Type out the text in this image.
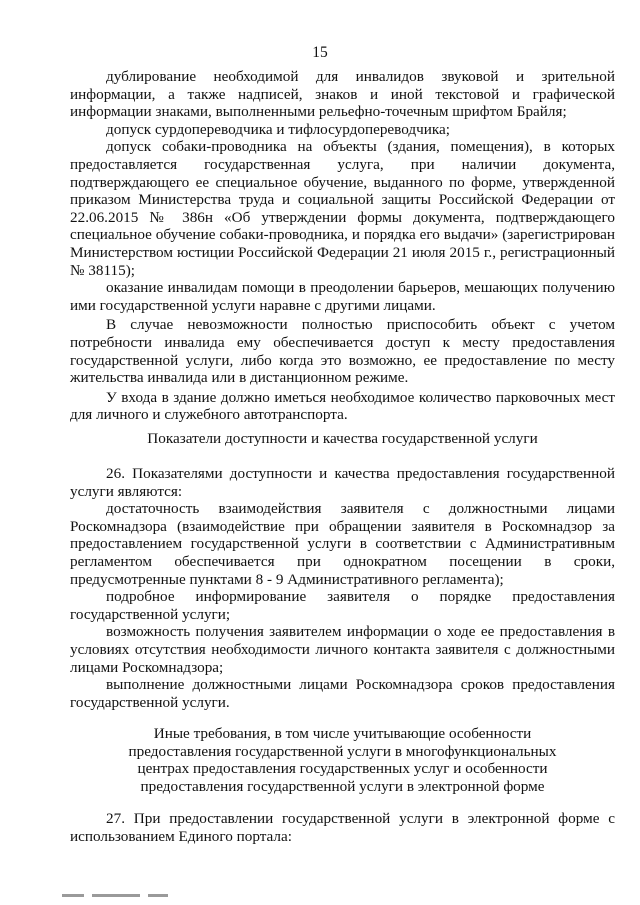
15

дублирование необходимой для инвалидов звуковой и зрительной информации, а также надписей, знаков и иной текстовой и графической информации знаками, выполненными рельефно-точечным шрифтом Брайля;

допуск сурдопереводчика и тифлосурдопереводчика;

допуск собаки-проводника на объекты (здания, помещения), в которых предоставляется государственная услуга, при наличии документа, подтверждающего ее специальное обучение, выданного по форме, утвержденной приказом Министерства труда и социальной защиты Российской Федерации от 22.06.2015 № 386н «Об утверждении формы документа, подтверждающего специальное обучение собаки-проводника, и порядка его выдачи» (зарегистрирован Министерством юстиции Российской Федерации 21 июля 2015 г., регистрационный № 38115);

оказание инвалидам помощи в преодолении барьеров, мешающих получению ими государственной услуги наравне с другими лицами.

В случае невозможности полностью приспособить объект с учетом потребности инвалида ему обеспечивается доступ к месту предоставления государственной услуги, либо когда это возможно, ее предоставление по месту жительства инвалида или в дистанционном режиме.

У входа в здание должно иметься необходимое количество парковочных мест для личного и служебного автотранспорта.

Показатели доступности и качества государственной услуги

26. Показателями доступности и качества предоставления государственной услуги являются:

достаточность взаимодействия заявителя с должностными лицами Роскомнадзора (взаимодействие при обращении заявителя в Роскомнадзор за предоставлением государственной услуги в соответствии с Административным регламентом обеспечивается при однократном посещении в сроки, предусмотренные пунктами 8 - 9 Административного регламента);

подробное информирование заявителя о порядке предоставления государственной услуги;

возможность получения заявителем информации о ходе ее предоставления в условиях отсутствия необходимости личного контакта заявителя с должностными лицами Роскомнадзора;

выполнение должностными лицами Роскомнадзора сроков предоставления государственной услуги.

Иные требования, в том числе учитывающие особенности
предоставления государственной услуги в многофункциональных
центрах предоставления государственных услуг и особенности
предоставления государственной услуги в электронной форме

27. При предоставлении государственной услуги в электронной форме с использованием Единого портала:
